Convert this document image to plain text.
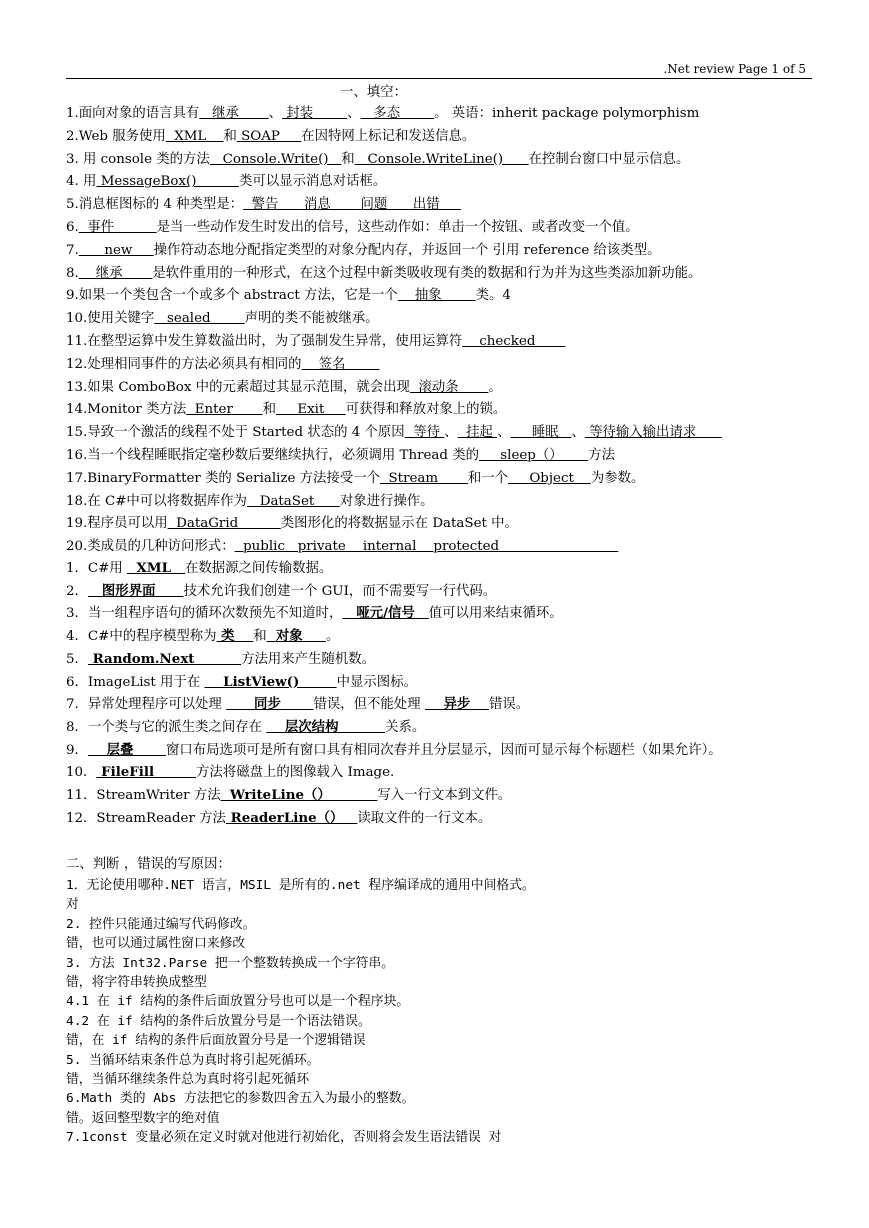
.Net review Page 1 of 5
一、填空：
1.面向对象的语言具有   继承       、 封装        、   多态        。 英语：inherit package polymorphism
2.Web 服务使用  XML    和 SOAP     在因特网上标记和发送信息。
3. 用 console 类的方法   Console.Write()   和   Console.WriteLine()      在控制台窗口中显示信息。
4. 用 MessageBox()          类可以显示消息对话框。
5.消息框图标的 4 种类型是：  警告      消息       问题      出错
6.  事件          是当一些动作发生时发出的信号，这些动作如：单击一个按钮、或者改变一个值。
7.      new     操作符动态地分配指定类型的对象分配内存，并返回一个 引用 reference 给该类型。
8.    继承       是软件重用的一种形式，在这个过程中新类吸收现有类的数据和行为并为这些类添加新功能。
9.如果一个类包含一个或多个 abstract 方法，它是一个    抽象        类。4
10.使用关键字   sealed        声明的类不能被继承。
11.在整型运算中发生算数溢出时，为了强制发生异常，使用运算符    checked
12.处理相同事件的方法必须具有相同的    签名
13.如果 ComboBox 中的元素超过其显示范围，就会出现  滚动条       。
14.Monitor 类方法  Enter       和     Exit     可获得和释放对象上的锁。
15.导致一个激活的线程不处于 Started 状态的 4 个原因  等待 、  挂起 、     睡眠   、 等待输入输出请求
16.当一个线程睡眠指定毫秒数后要继续执行，必须调用 Thread 类的     sleep（）      方法
17.BinaryFormatter 类的 Serialize 方法接受一个  Stream       和一个     Object    为参数。
18.在 C#中可以将数据库作为   DataSet      对象进行操作。
19.程序员可以用  DataGrid          类图形化的将数据显示在 DataSet 中。
20.类成员的几种访问形式：  public   private    internal    protected
1．C#用   XML   在数据源之间传输数据。
2．   图形界面      技术允许我们创建一个 GUI，而不需要写一行代码。
3．当一组程序语句的循环次数预先不知道时，   哑元/信号   值可以用来结束循环。
4．C#中的程序模型称为 类    和  对象     。
5． Random.Next          方法用来产生随机数。
6．ImageList 用于在     ListView()        中显示图标。
7．异常处理程序可以处理       同步       错误，但不能处理     异步    错误。
8．一个类与它的派生类之间存在     层次结构          关系。
9．    层叠       窗口布局选项可是所有窗口具有相同次春并且分层显示，因而可显示每个标题栏（如果允许）。
10． FileFill         方法将磁盘上的图像载入 Image.
11．StreamWriter 方法  WriteLine（）          写入一行文本到文件。
12．StreamReader 方法 ReaderLine（）   读取文件的一行文本。
二、判断 ，错误的写原因：
1．无论使用哪种.NET 语言，MSIL 是所有的.net 程序编译成的通用中间格式。
对
2. 控件只能通过编写代码修改。
错，也可以通过属性窗口来修改
3. 方法 Int32.Parse 把一个整数转换成一个字符串。
错，将字符串转换成整型
4.1 在 if 结构的条件后面放置分号也可以是一个程序块。
4.2 在 if 结构的条件后放置分号是一个语法错误。
错，在 if 结构的条件后面放置分号是一个逻辑错误
5. 当循环结束条件总为真时将引起死循环。
错，当循环继续条件总为真时将引起死循环
6.Math 类的 Abs 方法把它的参数四舍五入为最小的整数。
错。返回整型数字的绝对值
7.1const 变量必须在定义时就对他进行初始化，否则将会发生语法错误 对
